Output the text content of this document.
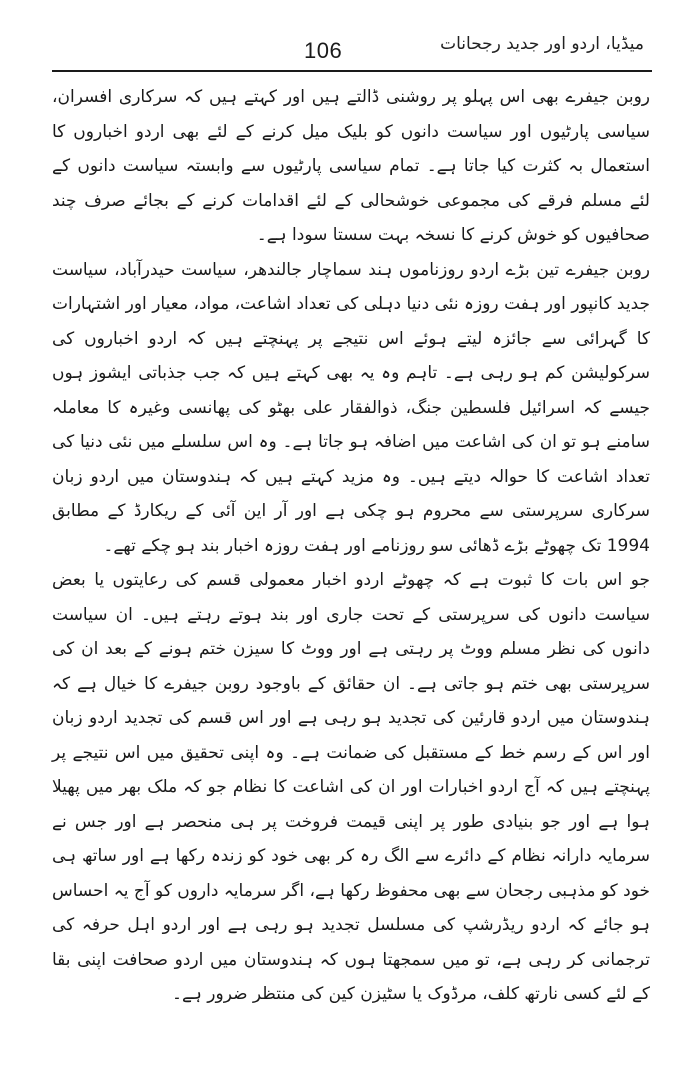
106	میڈیا، اردو اور جدید رجحانات

روبن جیفرے بھی اس پہلو پر روشنی ڈالتے ہیں اور کہتے ہیں کہ سرکاری افسران، سیاسی پارٹیوں اور سیاست دانوں کو بلیک میل کرنے کے لئے بھی اردو اخباروں کا استعمال بہ کثرت کیا جاتا ہے۔ تمام سیاسی پارٹیوں سے وابستہ سیاست دانوں کے لئے مسلم فرقے کی مجموعی خوشحالی کے لئے اقدامات کرنے کے بجائے صرف چند صحافیوں کو خوش کرنے کا نسخہ بہت سستا سودا ہے۔

روبن جیفرے تین بڑے اردو روزناموں ہند سماچار جالندھر، سیاست حیدرآباد، سیاست جدید کانپور اور ہفت روزہ نئی دنیا دہلی کی تعداد اشاعت، مواد، معیار اور اشتہارات کا گہرائی سے جائزہ لیتے ہوئے اس نتیجے پر پہنچتے ہیں کہ اردو اخباروں کی سرکولیشن کم ہو رہی ہے۔ تاہم وہ یہ بھی کہتے ہیں کہ جب جذباتی ایشوز ہوں جیسے کہ اسرائیل فلسطین جنگ، ذوالفقار علی بھٹو کی پھانسی وغیرہ کا معاملہ سامنے ہو تو ان کی اشاعت میں اضافہ ہو جاتا ہے۔ وہ اس سلسلے میں نئی دنیا کی تعداد اشاعت کا حوالہ دیتے ہیں۔ وہ مزید کہتے ہیں کہ ہندوستان میں اردو زبان سرکاری سرپرستی سے محروم ہو چکی ہے اور آر این آئی کے ریکارڈ کے مطابق 1994 تک چھوٹے بڑے ڈھائی سو روزنامے اور ہفت روزہ اخبار بند ہو چکے تھے۔

جو اس بات کا ثبوت ہے کہ چھوٹے اردو اخبار معمولی قسم کی رعایتوں یا بعض سیاست دانوں کی سرپرستی کے تحت جاری اور بند ہوتے رہتے ہیں۔ ان سیاست دانوں کی نظر مسلم ووٹ پر رہتی ہے اور ووٹ کا سیزن ختم ہونے کے بعد ان کی سرپرستی بھی ختم ہو جاتی ہے۔ ان حقائق کے باوجود روبن جیفرے کا خیال ہے کہ ہندوستان میں اردو قارئین کی تجدید ہو رہی ہے اور اس قسم کی تجدید اردو زبان اور اس کے رسم خط کے مستقبل کی ضمانت ہے۔ وہ اپنی تحقیق میں اس نتیجے پر پہنچتے ہیں کہ آج اردو اخبارات اور ان کی اشاعت کا نظام جو کہ ملک بھر میں پھیلا ہوا ہے اور جو بنیادی طور پر اپنی قیمت فروخت پر ہی منحصر ہے اور جس نے سرمایہ دارانہ نظام کے دائرے سے الگ رہ کر بھی خود کو زندہ رکھا ہے اور ساتھ ہی خود کو مذہبی رجحان سے بھی محفوظ رکھا ہے، اگر سرمایہ داروں کو آج یہ احساس ہو جائے کہ اردو ریڈرشپ کی مسلسل تجدید ہو رہی ہے اور اردو اہل حرفہ کی ترجمانی کر رہی ہے، تو میں سمجھتا ہوں کہ ہندوستان میں اردو صحافت اپنی بقا کے لئے کسی نارتھ کلف، مرڈوک یا سٹیزن کین کی منتظر ضرور ہے۔
